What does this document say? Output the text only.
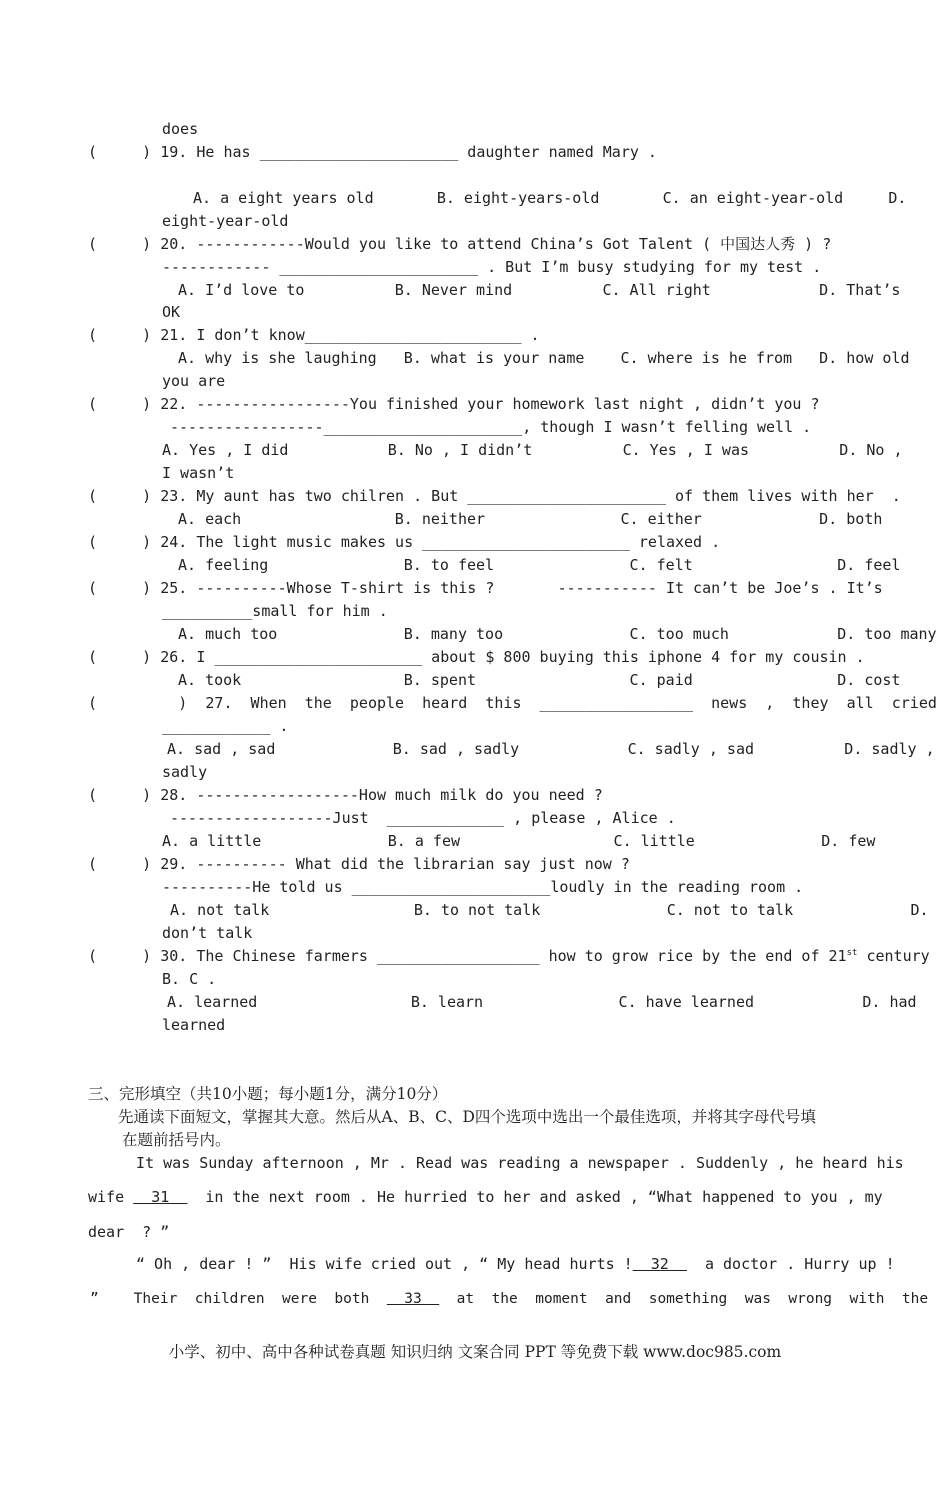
does
(     ) 19. He has ______________________ daughter named Mary .
A. a eight years old       B. eight-years-old       C. an eight-year-old     D.
eight-year-old
(     ) 20. ------------Would you like to attend China’s Got Talent ( 中国达人秀 ) ?
------------ ______________________ . But I’m busy studying for my test .
A. I’d love to          B. Never mind          C. All right            D. That’s
OK
(     ) 21. I don’t know________________________ .
A. why is she laughing   B. what is your name    C. where is he from   D. how old
you are
(     ) 22. -----------------You finished your homework last night , didn’t you ?
-----------------______________________, though I wasn’t felling well .
A. Yes , I did           B. No , I didn’t          C. Yes , I was          D. No ,
I wasn’t
(     ) 23. My aunt has two chilren . But ______________________ of them lives with her  .
A. each                 B. neither               C. either             D. both
(     ) 24. The light music makes us _______________________ relaxed .
A. feeling               B. to feel               C. felt                D. feel
(     ) 25. ----------Whose T-shirt is this ?       ----------- It can’t be Joe’s . It’s
__________small for him .
A. much too              B. many too              C. too much            D. too many
(     ) 26. I _______________________ about $ 800 buying this iphone 4 for my cousin .
A. took                  B. spent                 C. paid                D. cost
(         )  27.  When  the  people  heard  this  _________________  news  ,  they  all  cried
____________ .
A. sad , sad             B. sad , sadly            C. sadly , sad          D. sadly ,
sadly
(     ) 28. ------------------How much milk do you need ?
------------------Just  _____________ , please , Alice .
A. a little              B. a few                 C. little              D. few
(     ) 29. ---------- What did the librarian say just now ?
----------He told us ______________________loudly in the reading room .
A. not talk                B. to not talk              C. not to talk             D.
don’t talk
(     ) 30. The Chinese farmers __________________ how to grow rice by the end of 21st century
B. C .
A. learned                 B. learn               C. have learned            D. had
learned
三、完形填空（共10小题；每小题1分，满分10分）
先通读下面短文，掌握其大意。然后从A、B、C、D四个选项中选出一个最佳选项，并将其字母代号填
在题前括号内。
It was Sunday afternoon , Mr . Read was reading a newspaper . Suddenly , he heard his
wife   31    in the next room . He hurried to her and asked , “What happened to you , my
dear  ? ”
“ Oh , dear ! ”  His wife cried out , “ My head hurts !  32    a doctor . Hurry up !
”    Their  children  were  both    33    at  the  moment  and  something  was  wrong  with  the
小学、初中、高中各种试卷真题 知识归纳 文案合同 PPT 等免费下载 www.doc985.com
